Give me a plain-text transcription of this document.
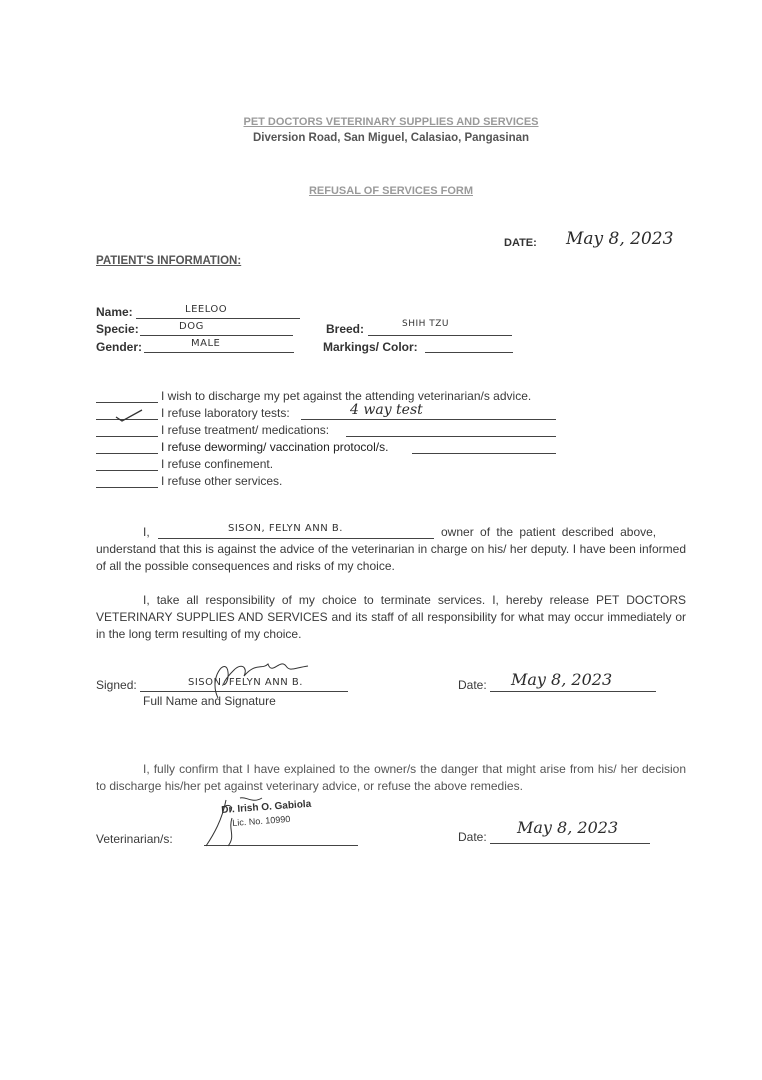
PET DOCTORS VETERINARY SUPPLIES AND SERVICES
Diversion Road, San Miguel, Calasiao, Pangasinan
REFUSAL OF SERVICES FORM
DATE: May 8, 2023
PATIENT'S INFORMATION:
Name:	LEELOO
Specie:	DOG	Breed:	SHIH TZU
Gender:	MALE	Markings/ Color:
I wish to discharge my pet against the attending veterinarian/s advice.
I refuse laboratory tests:	4 way test
I refuse treatment/ medications:
I refuse deworming/ vaccination protocol/s.
I refuse confinement.
I refuse other services.
I,	SISON, FELYN ANN B.	owner of the patient described above,
understand that this is against the advice of the veterinarian in charge on his/ her deputy. I have been informed of all the possible consequences and risks of my choice.
I, take all responsibility of my choice to terminate services. I, hereby release PET DOCTORS VETERINARY SUPPLIES AND SERVICES and its staff of all responsibility for what may occur immediately or in the long term resulting of my choice.
Signed:	SISON, FELYN ANN B.
Full Name and Signature
Date: May 8, 2023
I, fully confirm that I have explained to the owner/s the danger that might arise from his/ her decision to discharge his/her pet against veterinary advice, or refuse the above remedies.
Veterinarian/s:
Dr. Irish O. Gabiola
Lic. No. 10990
Date: May 8, 2023
